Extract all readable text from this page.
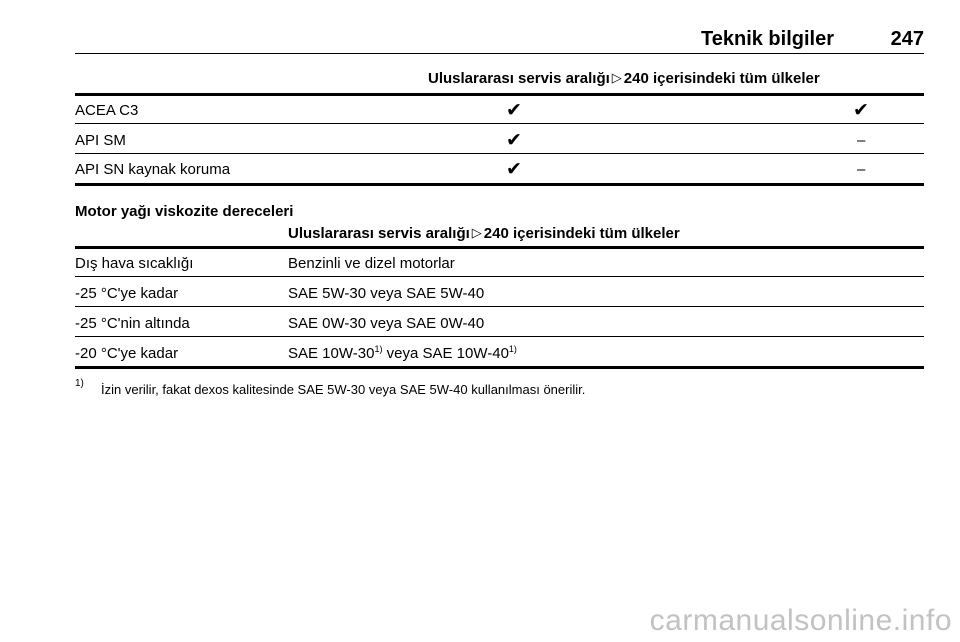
Teknik bilgiler	247
Uluslararası servis aralığı ▷ 240 içerisindeki tüm ülkeler
ACEA C3	✔	✔
API SM	✔	–
API SN kaynak koruma	✔	–
Motor yağı viskozite dereceleri
Uluslararası servis aralığı ▷ 240 içerisindeki tüm ülkeler
Dış hava sıcaklığı	Benzinli ve dizel motorlar
-25 °C'ye kadar	SAE 5W-30 veya SAE 5W-40
-25 °C'nin altında	SAE 0W-30 veya SAE 0W-40
-20 °C'ye kadar	SAE 10W-30$^{1)}$ veya SAE 10W-40$^{1)}$
1) İzin verilir, fakat dexos kalitesinde SAE 5W-30 veya SAE 5W-40 kullanılması önerilir.
carmanualsonline.info
